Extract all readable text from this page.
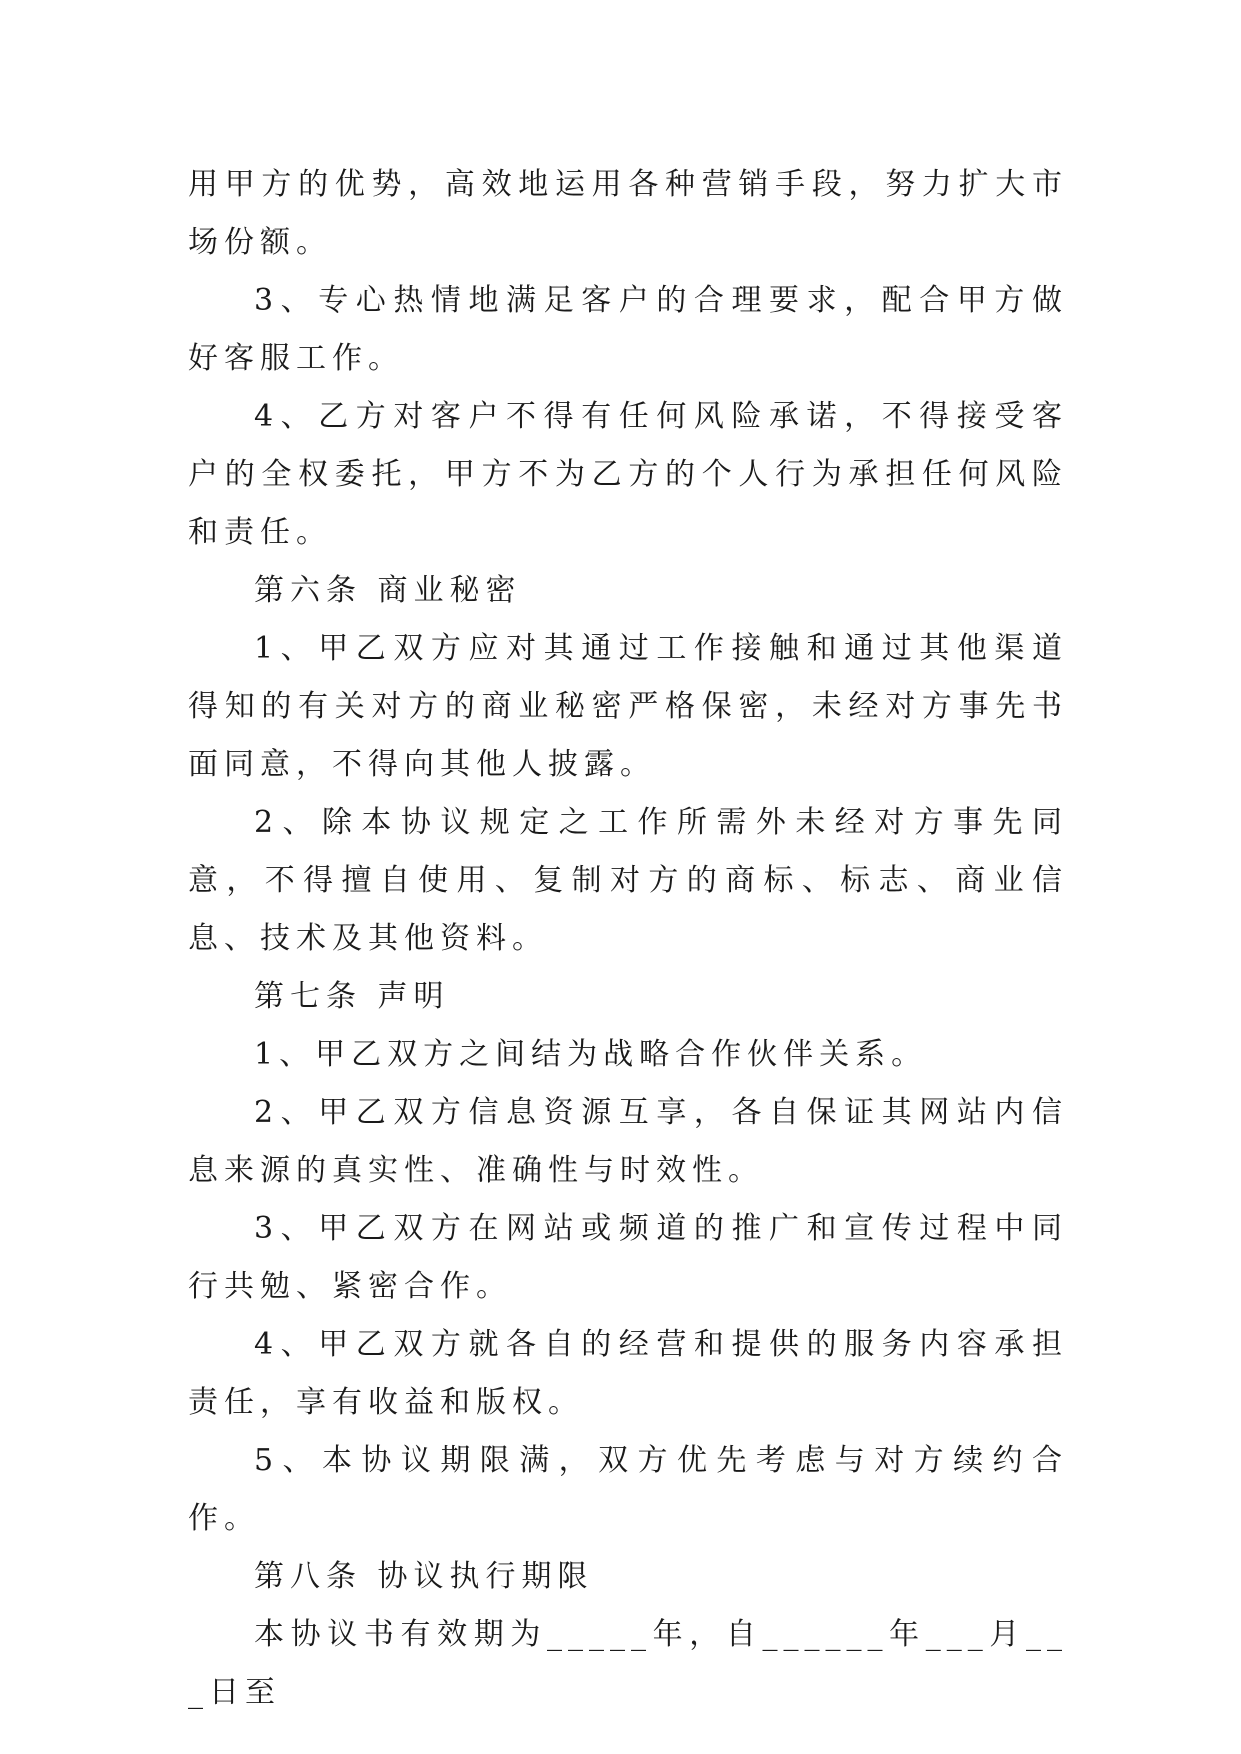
用甲方的优势，高效地运用各种营销手段，努力扩大市场份额。

3、专心热情地满足客户的合理要求，配合甲方做好客服工作。

4、乙方对客户不得有任何风险承诺，不得接受客户的全权委托，甲方不为乙方的个人行为承担任何风险和责任。

第六条 商业秘密

1、甲乙双方应对其通过工作接触和通过其他渠道得知的有关对方的商业秘密严格保密，未经对方事先书面同意，不得向其他人披露。

2、除本协议规定之工作所需外未经对方事先同意，不得擅自使用、复制对方的商标、标志、商业信息、技术及其他资料。

第七条 声明

1、甲乙双方之间结为战略合作伙伴关系。

2、甲乙双方信息资源互享，各自保证其网站内信息来源的真实性、准确性与时效性。

3、甲乙双方在网站或频道的推广和宣传过程中同行共勉、紧密合作。

4、甲乙双方就各自的经营和提供的服务内容承担责任，享有收益和版权。

5、本协议期限满，双方优先考虑与对方续约合作。

第八条 协议执行期限

本协议书有效期为_____年，自______年___月___日至
